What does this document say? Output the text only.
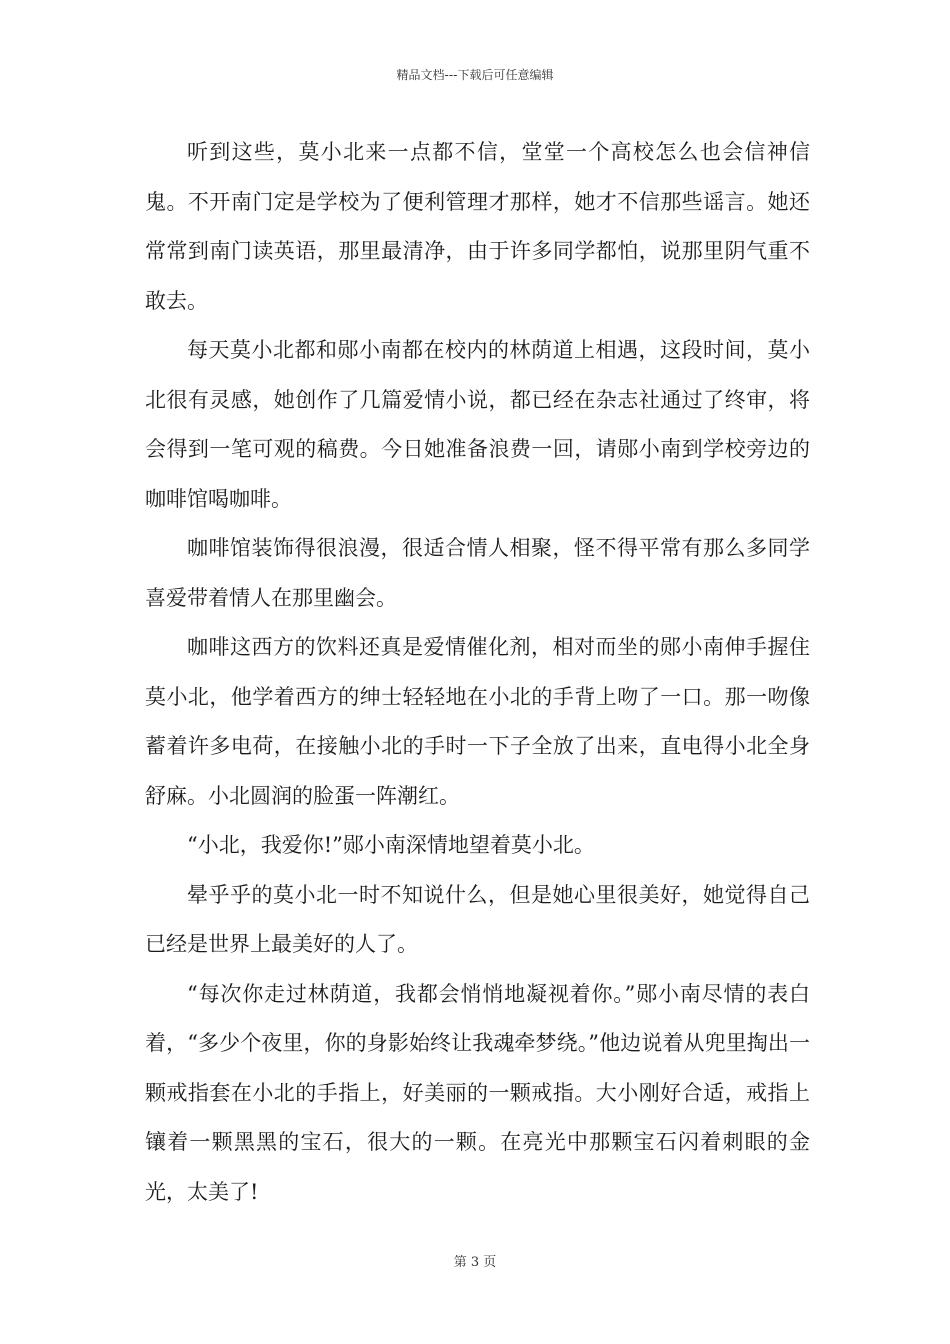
精品文档---下载后可任意编辑

听到这些，莫小北来一点都不信，堂堂一个高校怎么也会信神信鬼。不开南门定是学校为了便利管理才那样，她才不信那些谣言。她还常常到南门读英语，那里最清净，由于许多同学都怕，说那里阴气重不敢去。

每天莫小北都和郧小南都在校内的林荫道上相遇，这段时间，莫小北很有灵感，她创作了几篇爱情小说，都已经在杂志社通过了终审，将会得到一笔可观的稿费。今日她准备浪费一回，请郧小南到学校旁边的咖啡馆喝咖啡。

咖啡馆装饰得很浪漫，很适合情人相聚，怪不得平常有那么多同学喜爱带着情人在那里幽会。

咖啡这西方的饮料还真是爱情催化剂，相对而坐的郧小南伸手握住莫小北，他学着西方的绅士轻轻地在小北的手背上吻了一口。那一吻像蓄着许多电荷，在接触小北的手时一下子全放了出来，直电得小北全身舒麻。小北圆润的脸蛋一阵潮红。

“小北，我爱你!”郧小南深情地望着莫小北。

晕乎乎的莫小北一时不知说什么，但是她心里很美好，她觉得自己已经是世界上最美好的人了。

“每次你走过林荫道，我都会悄悄地凝视着你。”郧小南尽情的表白着，“多少个夜里，你的身影始终让我魂牵梦绕。”他边说着从兜里掏出一颗戒指套在小北的手指上，好美丽的一颗戒指。大小刚好合适，戒指上镶着一颗黑黑的宝石，很大的一颗。在亮光中那颗宝石闪着刺眼的金光，太美了!

第 3 页
